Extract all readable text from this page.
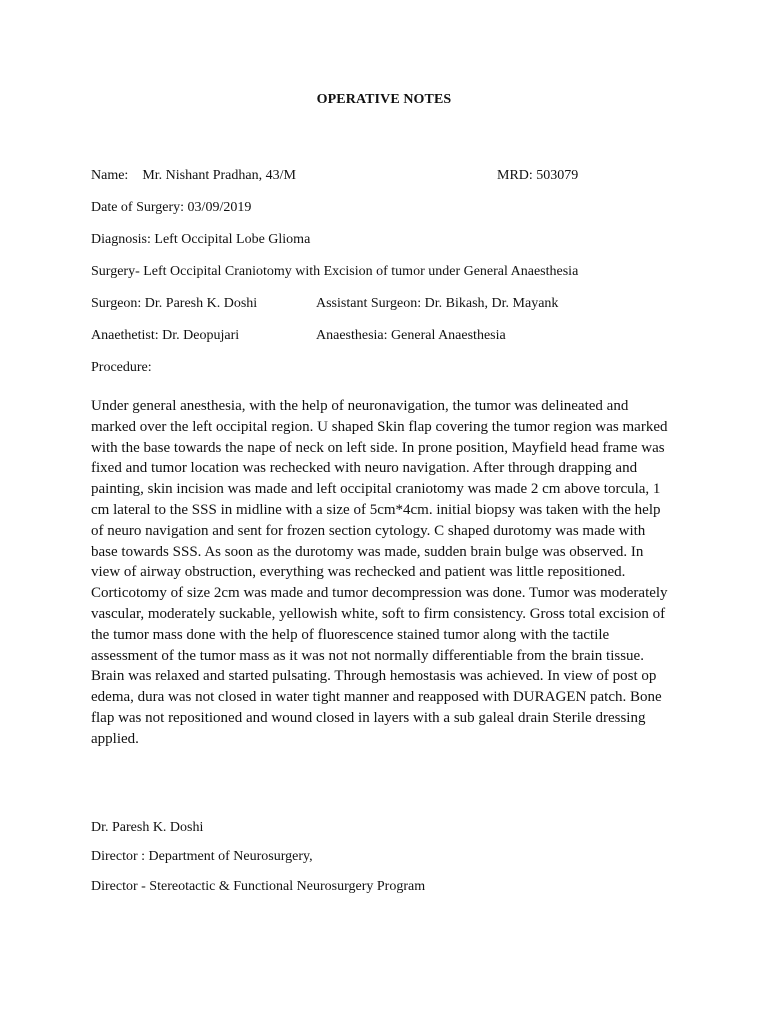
OPERATIVE NOTES
Name: Mr. Nishant Pradhan, 43/M	MRD: 503079
Date of Surgery: 03/09/2019
Diagnosis: Left Occipital Lobe Glioma
Surgery- Left Occipital Craniotomy with Excision of tumor under General Anaesthesia
Surgeon: Dr. Paresh K. Doshi	Assistant Surgeon: Dr. Bikash, Dr. Mayank
Anaethetist: Dr. Deopujari	Anaesthesia: General Anaesthesia
Procedure:
Under general anesthesia, with the help of neuronavigation, the tumor was delineated and
marked over the left occipital region. U shaped Skin flap covering the tumor region was marked
with the base towards the nape of neck on left side. In prone position, Mayfield head frame was
fixed and tumor location was rechecked with neuro navigation. After through drapping and
painting, skin incision was made and left occipital craniotomy was made 2 cm above torcula, 1
cm lateral to the SSS in midline with a size of 5cm*4cm. initial biopsy was taken with the help
of neuro navigation and sent for frozen section cytology. C shaped durotomy was made with
base towards SSS. As soon as the durotomy was made, sudden brain bulge was observed. In
view of airway obstruction, everything was rechecked and patient was little repositioned.
Corticotomy of size 2cm was made and tumor decompression was done. Tumor was moderately
vascular, moderately suckable, yellowish white, soft to firm consistency. Gross total excision of
the tumor mass done with the help of fluorescence stained tumor along with the tactile
assessment of the tumor mass as it was not not normally differentiable from the brain tissue.
Brain was relaxed and started pulsating. Through hemostasis was achieved. In view of post op
edema, dura was not closed in water tight manner and reapposed with DURAGEN patch. Bone
flap was not repositioned and wound closed in layers with a sub galeal drain Sterile dressing
applied.
Dr. Paresh K. Doshi
Director : Department of Neurosurgery,
Director - Stereotactic & Functional Neurosurgery Program
